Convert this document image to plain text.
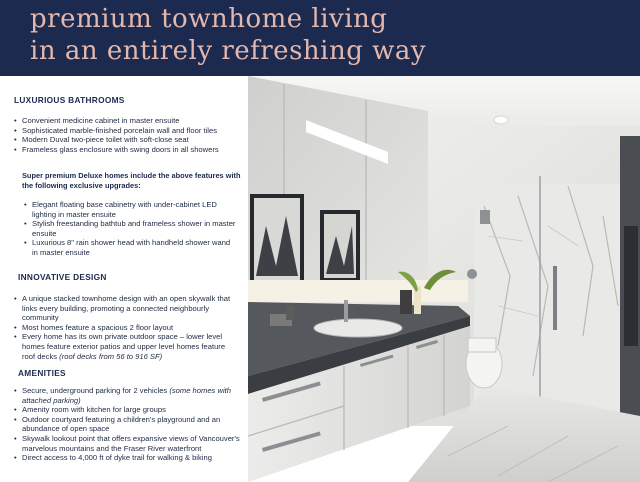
premium townhome living
in an entirely refreshing way
LUXURIOUS BATHROOMS
• Convenient medicine cabinet in master ensuite
• Sophisticated marble-finished porcelain wall and floor tiles
• Modern Duval two-piece toilet with soft-close seat
• Frameless glass enclosure with swing doors in all showers
Super premium Deluxe homes include the above features with the following exclusive upgrades:
• Elegant floating base cabinetry with under-cabinet LED lighting in master ensuite
• Stylish freestanding bathtub and frameless shower in master ensuite
• Luxurious 8" rain shower head with handheld shower wand in master ensuite
INNOVATIVE DESIGN
• A unique stacked townhome design with an open skywalk that links every building, promoting a connected neighbourly community
• Most homes feature a spacious 2 floor layout
• Every home has its own private outdoor space – lower level homes feature exterior patios and upper level homes feature roof decks (roof decks from 56 to 916 SF)
AMENITIES
• Secure, underground parking for 2 vehicles (some homes with attached parking)
• Amenity room with kitchen for large groups
• Outdoor courtyard featuring a children's playground and an abundance of open space
• Skywalk lookout point that offers expansive views of Vancouver's marvelous mountains and the Fraser River waterfront
• Direct access to 4,000 ft of dyke trail for walking & biking
